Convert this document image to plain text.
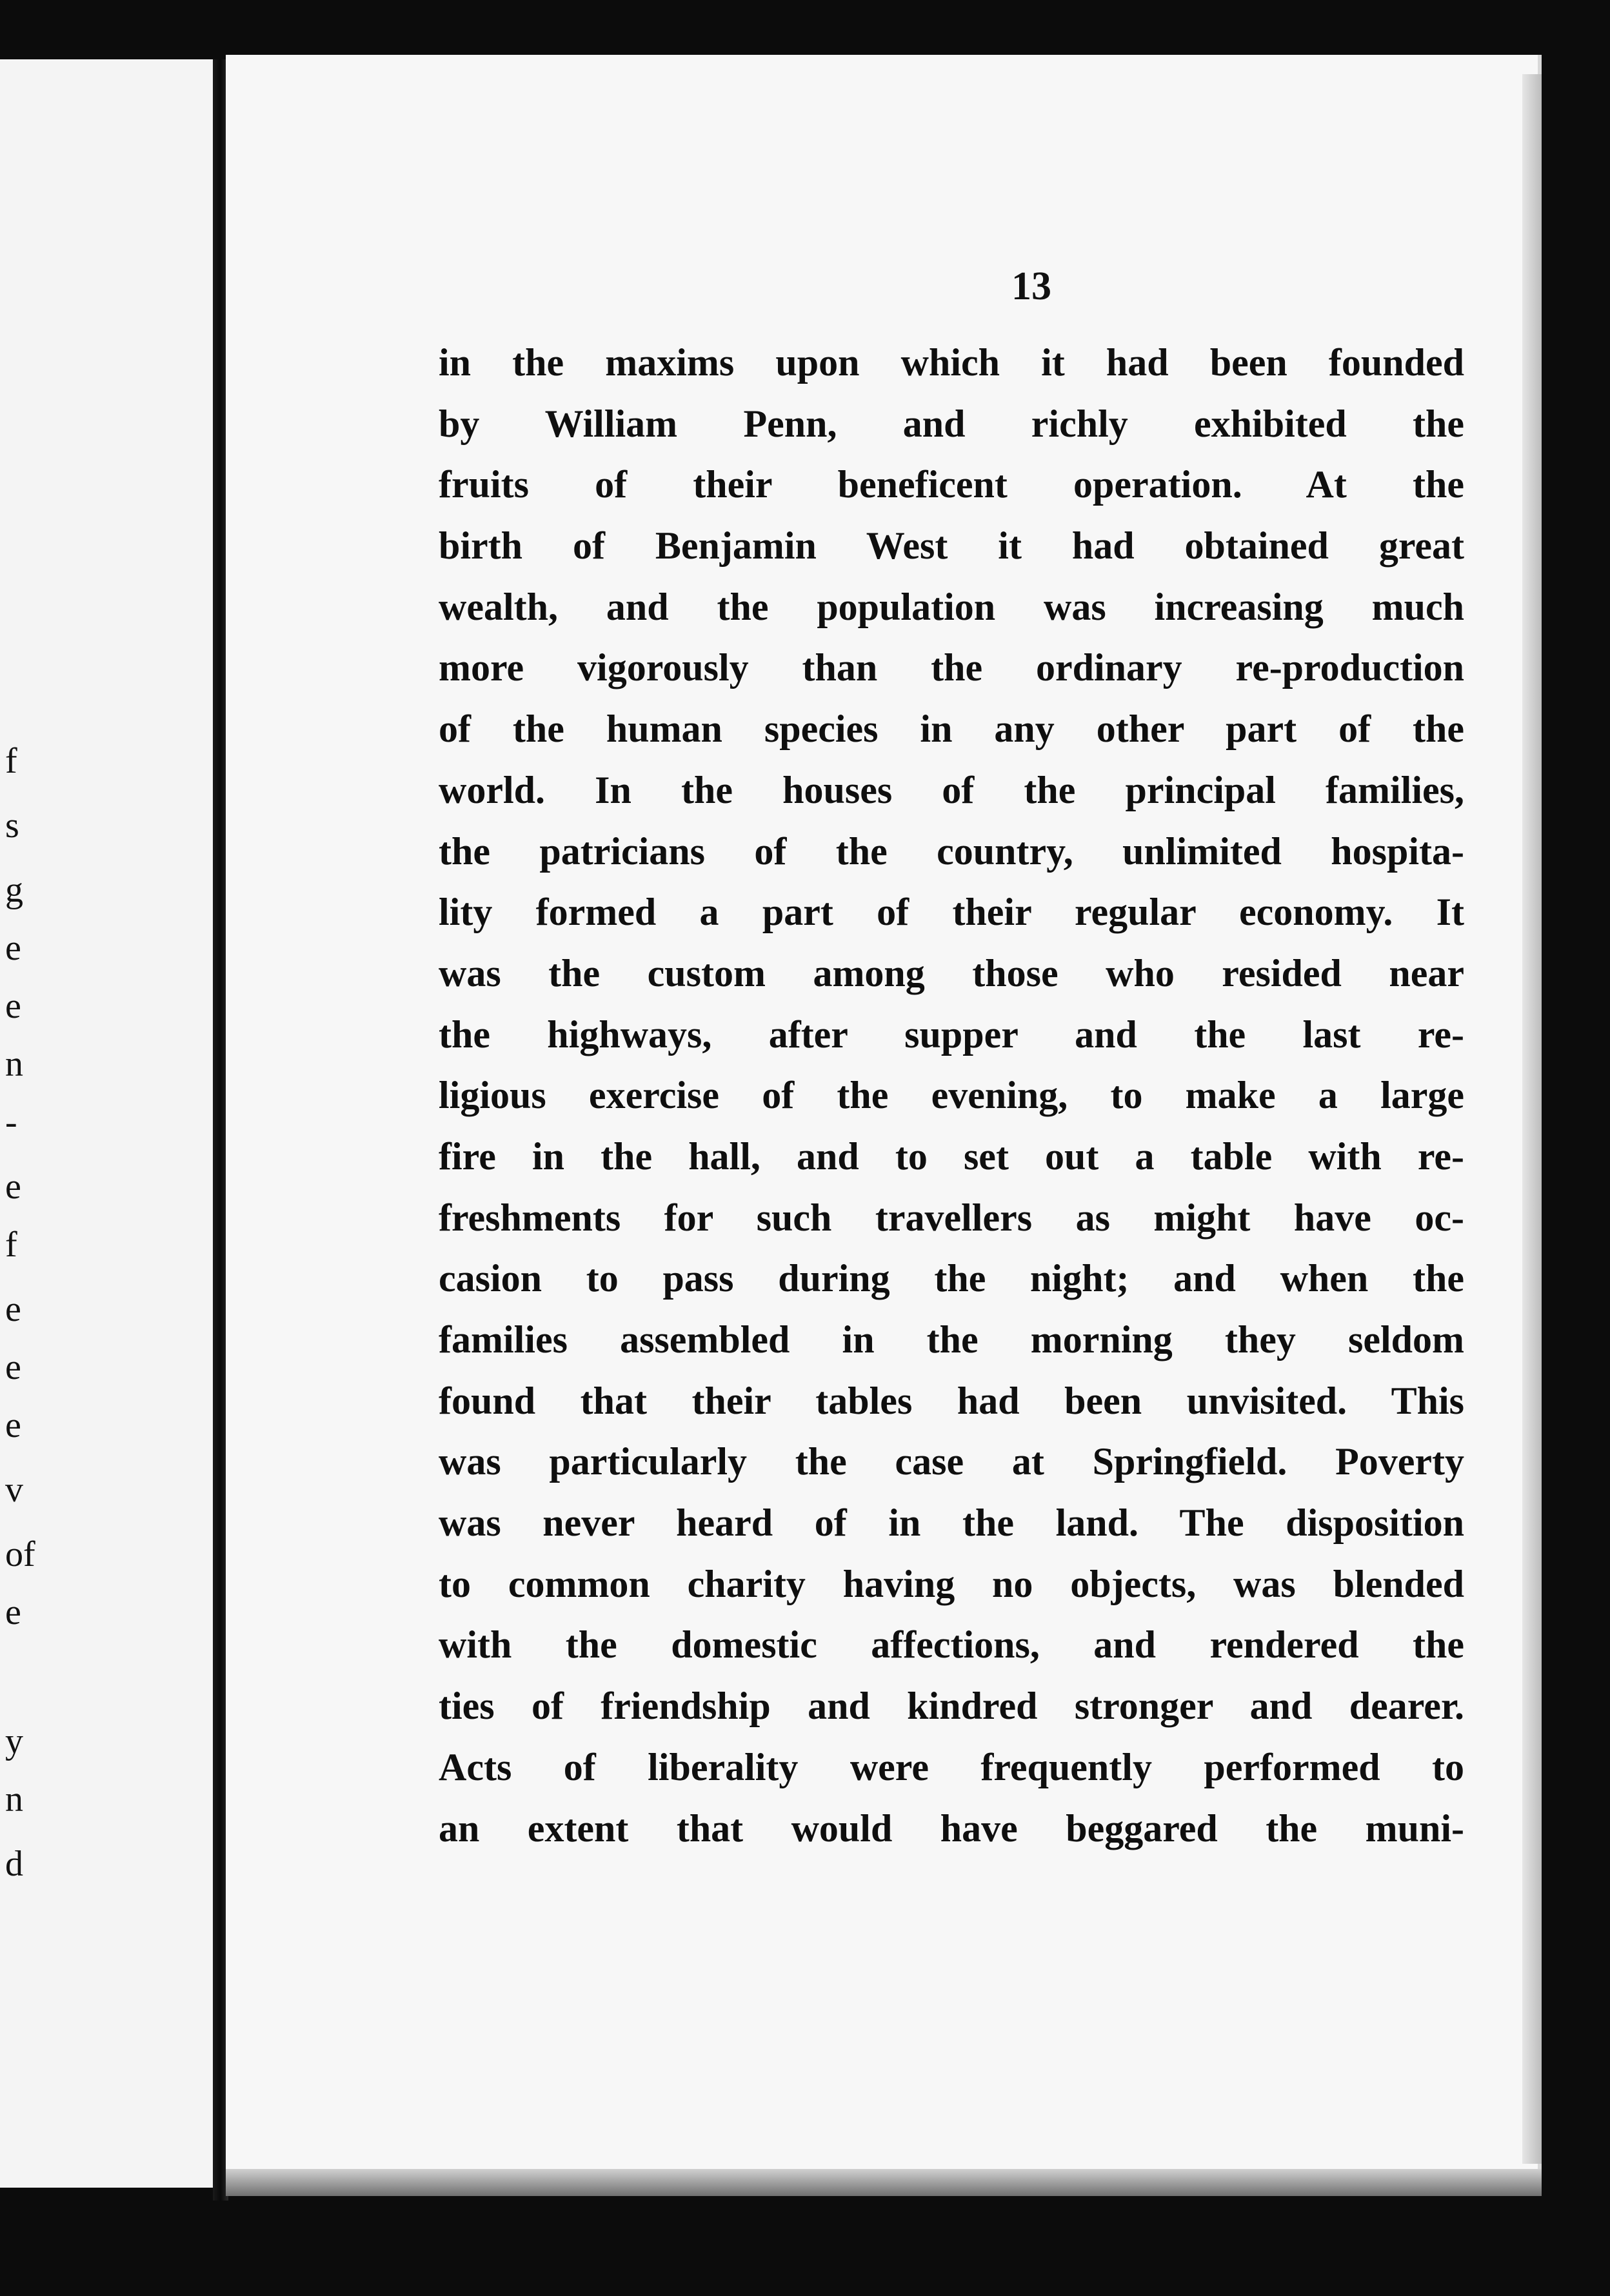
f
s
g
e
e
n
-
e
f
e
e
e
v
of
e
y
n
d
13
in the maxims upon which it had been founded
by William Penn, and richly exhibited the
fruits of their beneficent operation. At the
birth of Benjamin West it had obtained great
wealth, and the population was increasing much
more vigorously than the ordinary re-production
of the human species in any other part of the
world. In the houses of the principal families,
the patricians of the country, unlimited hospita-
lity formed a part of their regular economy. It
was the custom among those who resided near
the highways, after supper and the last re-
ligious exercise of the evening, to make a large
fire in the hall, and to set out a table with re-
freshments for such travellers as might have oc-
casion to pass during the night; and when the
families assembled in the morning they seldom
found that their tables had been unvisited. This
was particularly the case at Springfield. Poverty
was never heard of in the land. The disposition
to common charity having no objects, was blended
with the domestic affections, and rendered the
ties of friendship and kindred stronger and dearer.
Acts of liberality were frequently performed to
an extent that would have beggared the muni-
